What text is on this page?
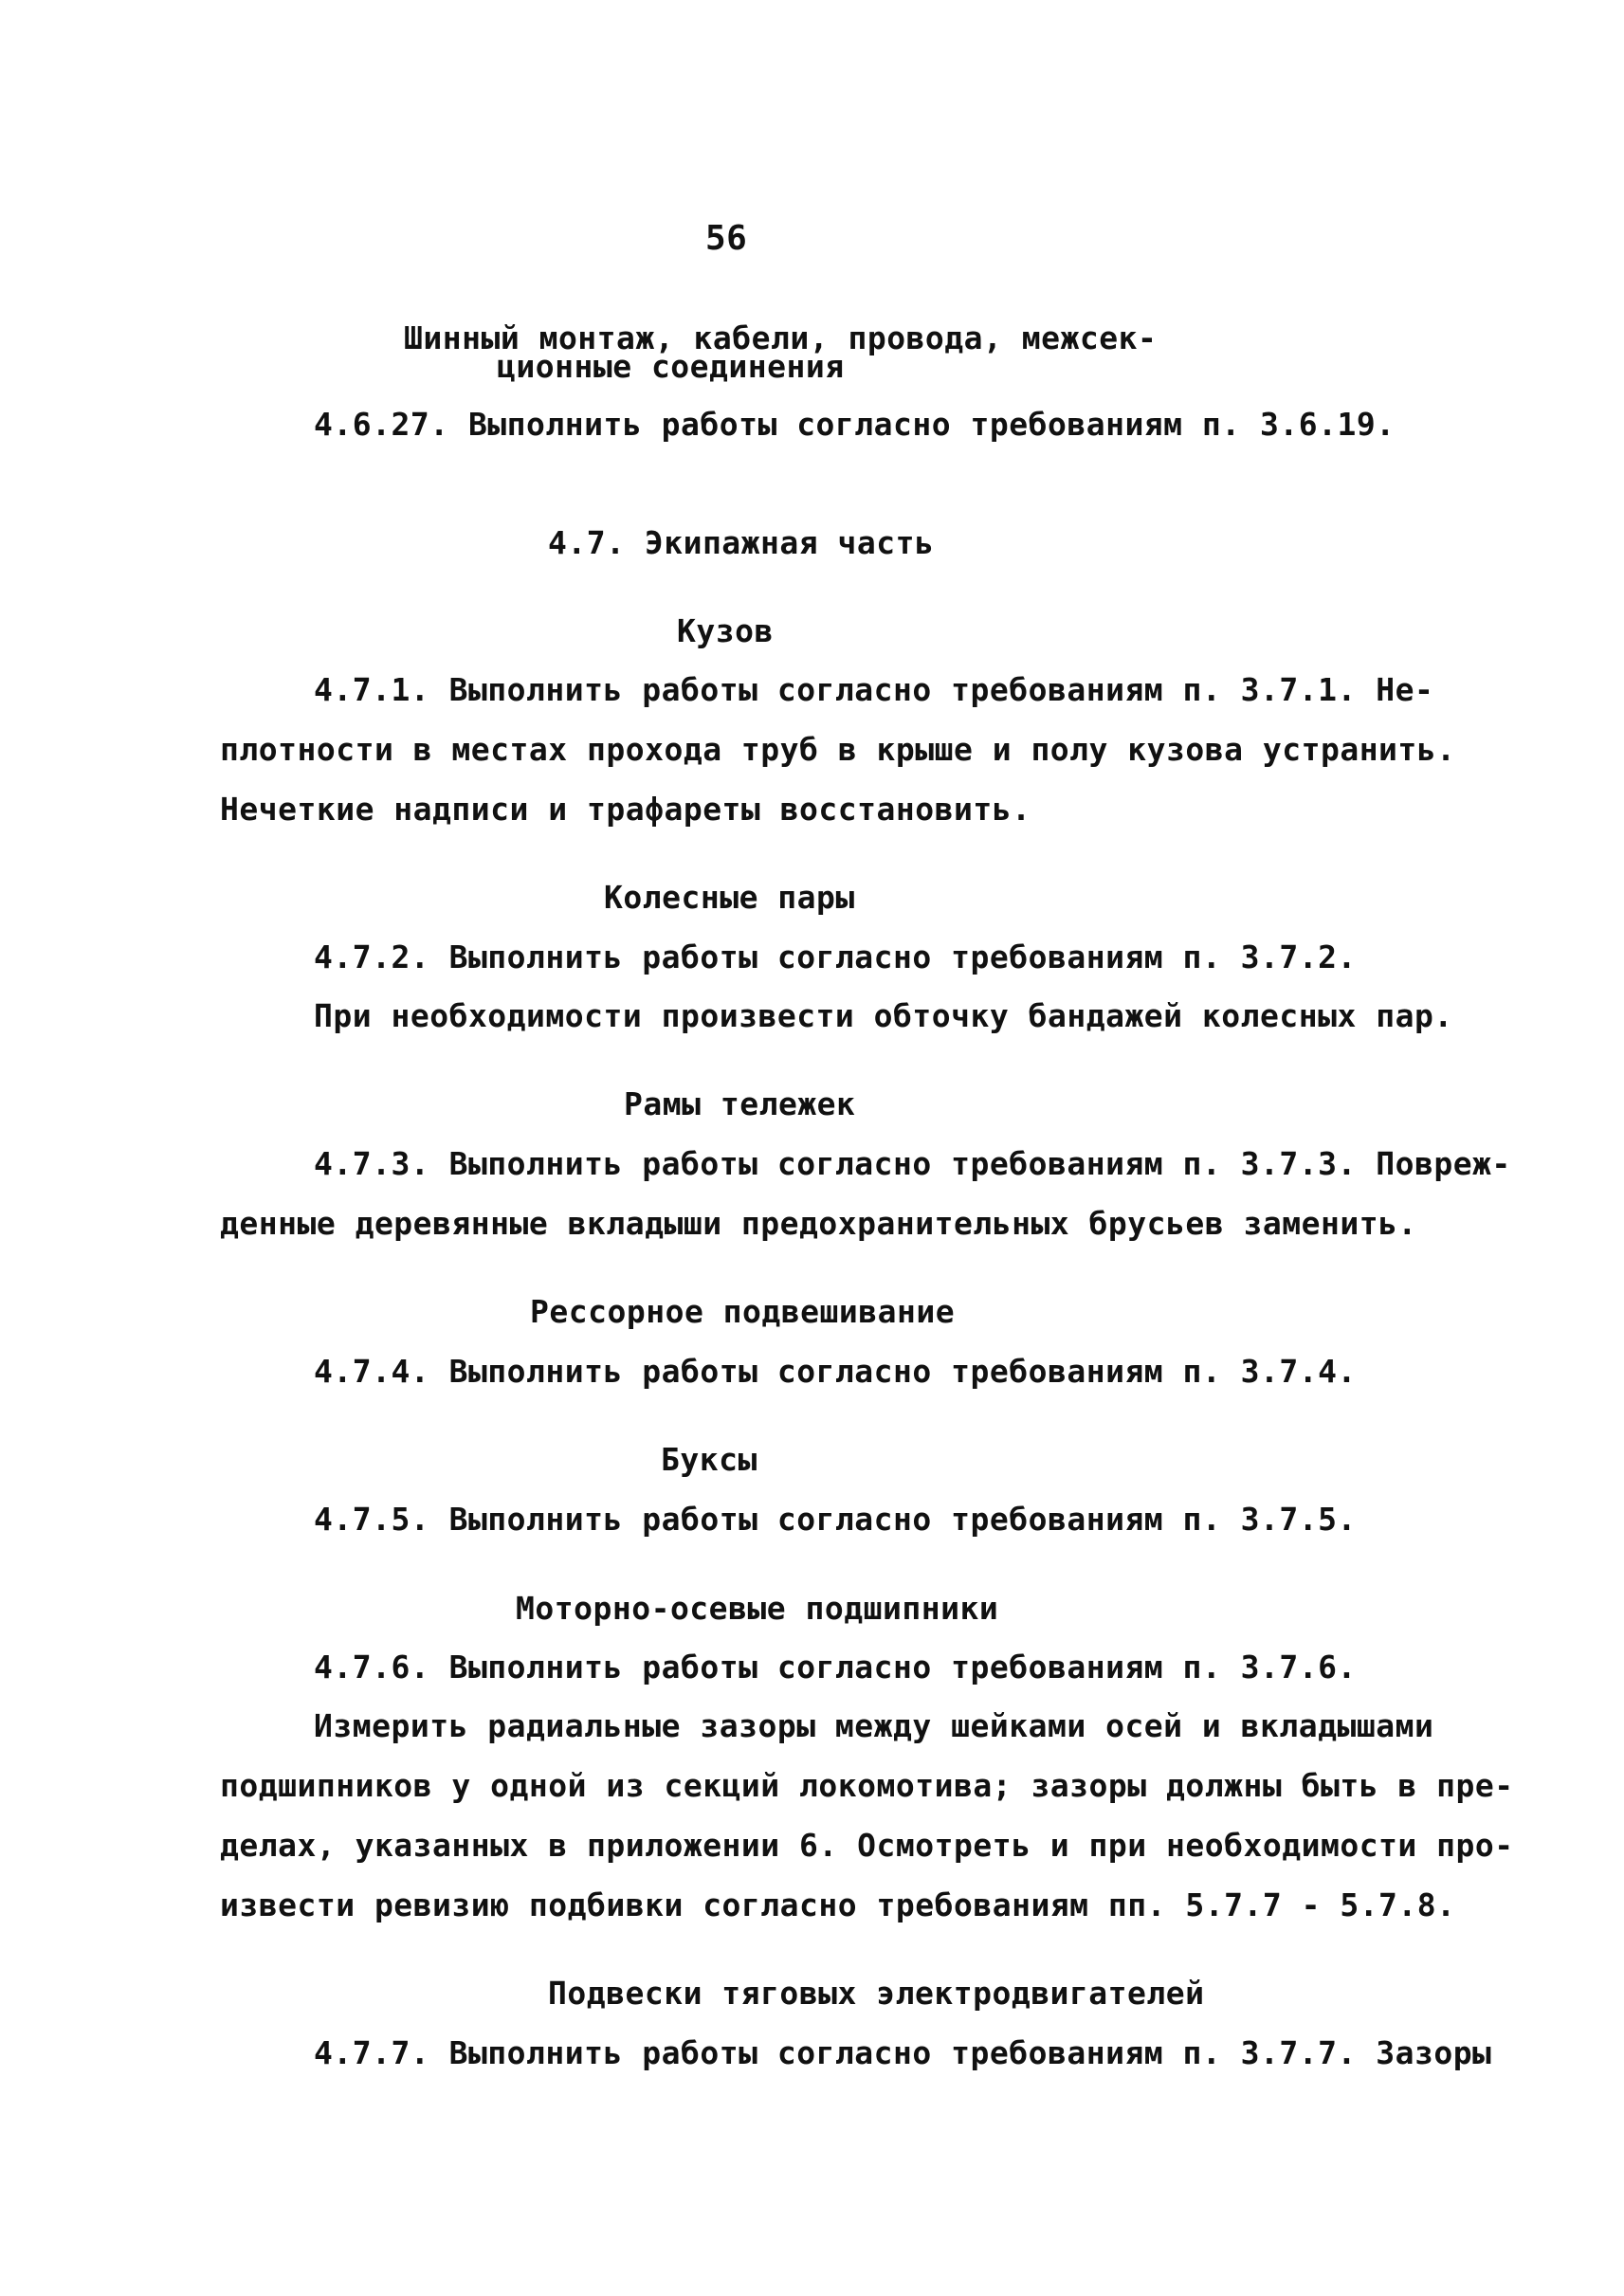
56
Шинный монтаж, кабели, провода, межсек-
ционные соединения
4.6.27. Выполнить работы согласно требованиям п. 3.6.19.
4.7. Экипажная часть
Кузов
4.7.1. Выполнить работы согласно требованиям п. 3.7.1. Не-
плотности в местах прохода труб в крыше и полу кузова устранить.
Нечеткие надписи и трафареты восстановить.
Колесные пары
4.7.2. Выполнить работы согласно требованиям п. 3.7.2.
При необходимости произвести обточку бандажей колесных пар.
Рамы тележек
4.7.3. Выполнить работы согласно требованиям п. 3.7.3. Повреж-
денные деревянные вкладыши предохранительных брусьев заменить.
Рессорное подвешивание
4.7.4. Выполнить работы согласно требованиям п. 3.7.4.
Буксы
4.7.5. Выполнить работы согласно требованиям п. 3.7.5.
Моторно-осевые подшипники
4.7.6. Выполнить работы согласно требованиям п. 3.7.6.
Измерить радиальные зазоры между шейками осей и вкладышами
подшипников у одной из секций локомотива; зазоры должны быть в пре-
делах, указанных в приложении 6. Осмотреть и при необходимости про-
извести ревизию подбивки согласно требованиям пп. 5.7.7 - 5.7.8.
Подвески тяговых электродвигателей
4.7.7. Выполнить работы согласно требованиям п. 3.7.7. Зазоры
